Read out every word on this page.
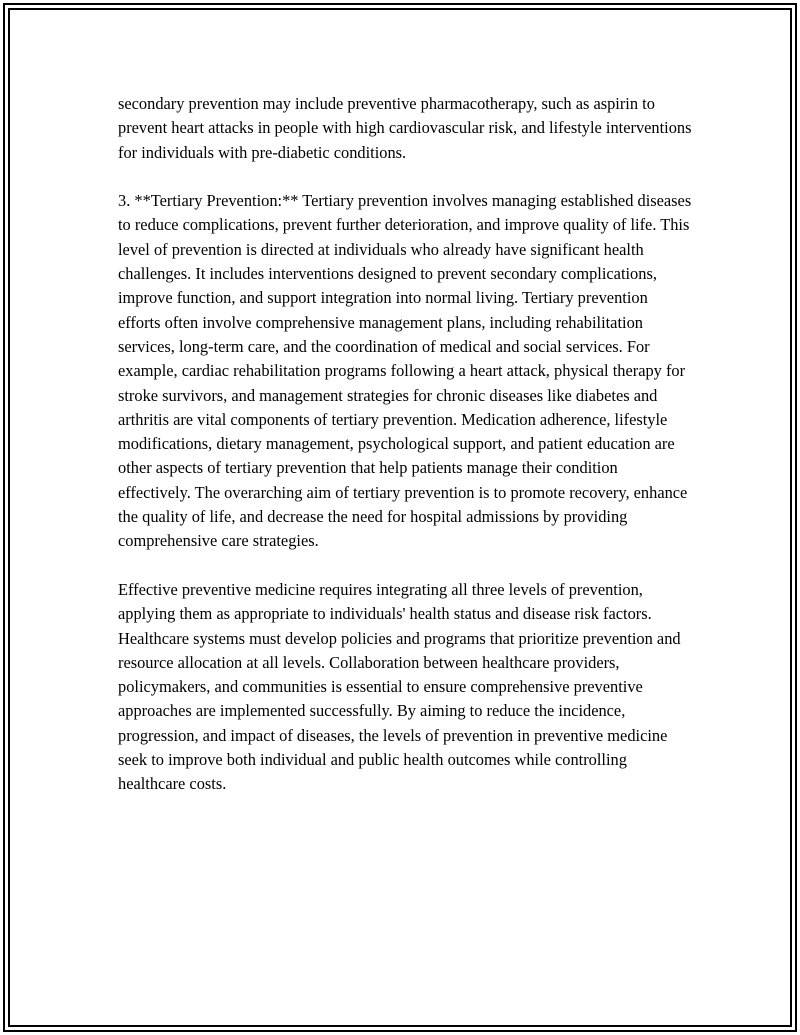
secondary prevention may include preventive pharmacotherapy, such as aspirin to prevent heart attacks in people with high cardiovascular risk, and lifestyle interventions for individuals with pre-diabetic conditions.

3. **Tertiary Prevention:** Tertiary prevention involves managing established diseases to reduce complications, prevent further deterioration, and improve quality of life. This level of prevention is directed at individuals who already have significant health challenges. It includes interventions designed to prevent secondary complications, improve function, and support integration into normal living. Tertiary prevention efforts often involve comprehensive management plans, including rehabilitation services, long-term care, and the coordination of medical and social services. For example, cardiac rehabilitation programs following a heart attack, physical therapy for stroke survivors, and management strategies for chronic diseases like diabetes and arthritis are vital components of tertiary prevention. Medication adherence, lifestyle modifications, dietary management, psychological support, and patient education are other aspects of tertiary prevention that help patients manage their condition effectively. The overarching aim of tertiary prevention is to promote recovery, enhance the quality of life, and decrease the need for hospital admissions by providing comprehensive care strategies.

Effective preventive medicine requires integrating all three levels of prevention, applying them as appropriate to individuals' health status and disease risk factors. Healthcare systems must develop policies and programs that prioritize prevention and resource allocation at all levels. Collaboration between healthcare providers, policymakers, and communities is essential to ensure comprehensive preventive approaches are implemented successfully. By aiming to reduce the incidence, progression, and impact of diseases, the levels of prevention in preventive medicine seek to improve both individual and public health outcomes while controlling healthcare costs.
